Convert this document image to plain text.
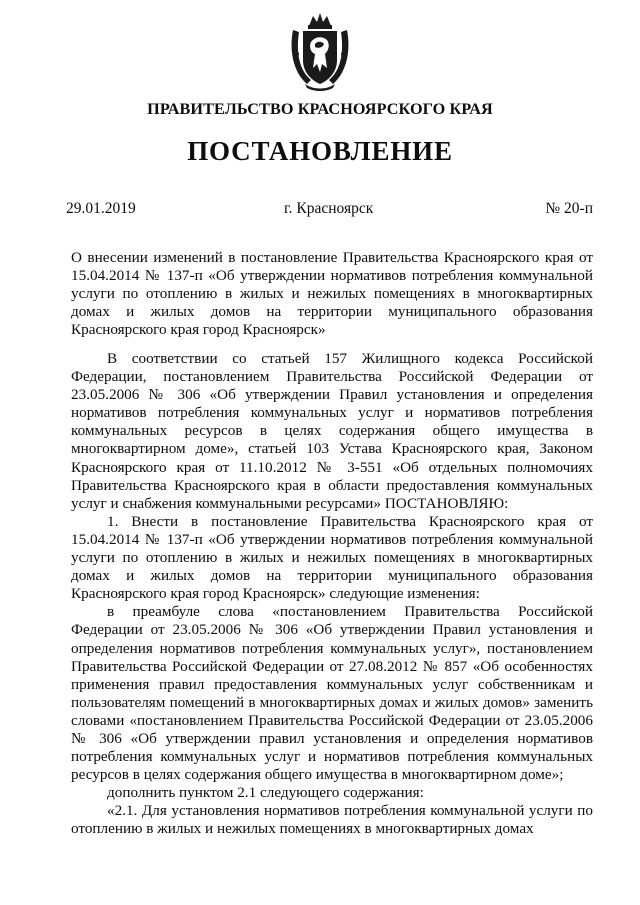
ПРАВИТЕЛЬСТВО КРАСНОЯРСКОГО КРАЯ
ПОСТАНОВЛЕНИЕ
29.01.2019	г. Красноярск	№ 20-п

О внесении изменений в постановление Правительства Красноярского края от 15.04.2014 № 137-п «Об утверждении нормативов потребления коммунальной услуги по отоплению в жилых и нежилых помещениях в многоквартирных домах и жилых домов на территории муниципального образования Красноярского края город Красноярск»

В соответствии со статьей 157 Жилищного кодекса Российской Федерации, постановлением Правительства Российской Федерации от 23.05.2006 № 306 «Об утверждении Правил установления и определения нормативов потребления коммунальных услуг и нормативов потребления коммунальных ресурсов в целях содержания общего имущества в многоквартирном доме», статьей 103 Устава Красноярского края, Законом Красноярского края от 11.10.2012 № 3-551 «Об отдельных полномочиях Правительства Красноярского края в области предоставления коммунальных услуг и снабжения коммунальными ресурсами» ПОСТАНОВЛЯЮ:

1. Внести в постановление Правительства Красноярского края от 15.04.2014 № 137-п «Об утверждении нормативов потребления коммунальной услуги по отоплению в жилых и нежилых помещениях в многоквартирных домах и жилых домов на территории муниципального образования Красноярского края город Красноярск» следующие изменения:

в преамбуле слова «постановлением Правительства Российской Федерации от 23.05.2006 № 306 «Об утверждении Правил установления и определения нормативов потребления коммунальных услуг», постановлением Правительства Российской Федерации от 27.08.2012 № 857 «Об особенностях применения правил предоставления коммунальных услуг собственникам и пользователям помещений в многоквартирных домах и жилых домов» заменить словами «постановлением Правительства Российской Федерации от 23.05.2006 № 306 «Об утверждении правил установления и определения нормативов потребления коммунальных услуг и нормативов потребления коммунальных ресурсов в целях содержания общего имущества в многоквартирном доме»;

дополнить пунктом 2.1 следующего содержания:

«2.1. Для установления нормативов потребления коммунальной услуги по отоплению в жилых и нежилых помещениях в многоквартирных домах
